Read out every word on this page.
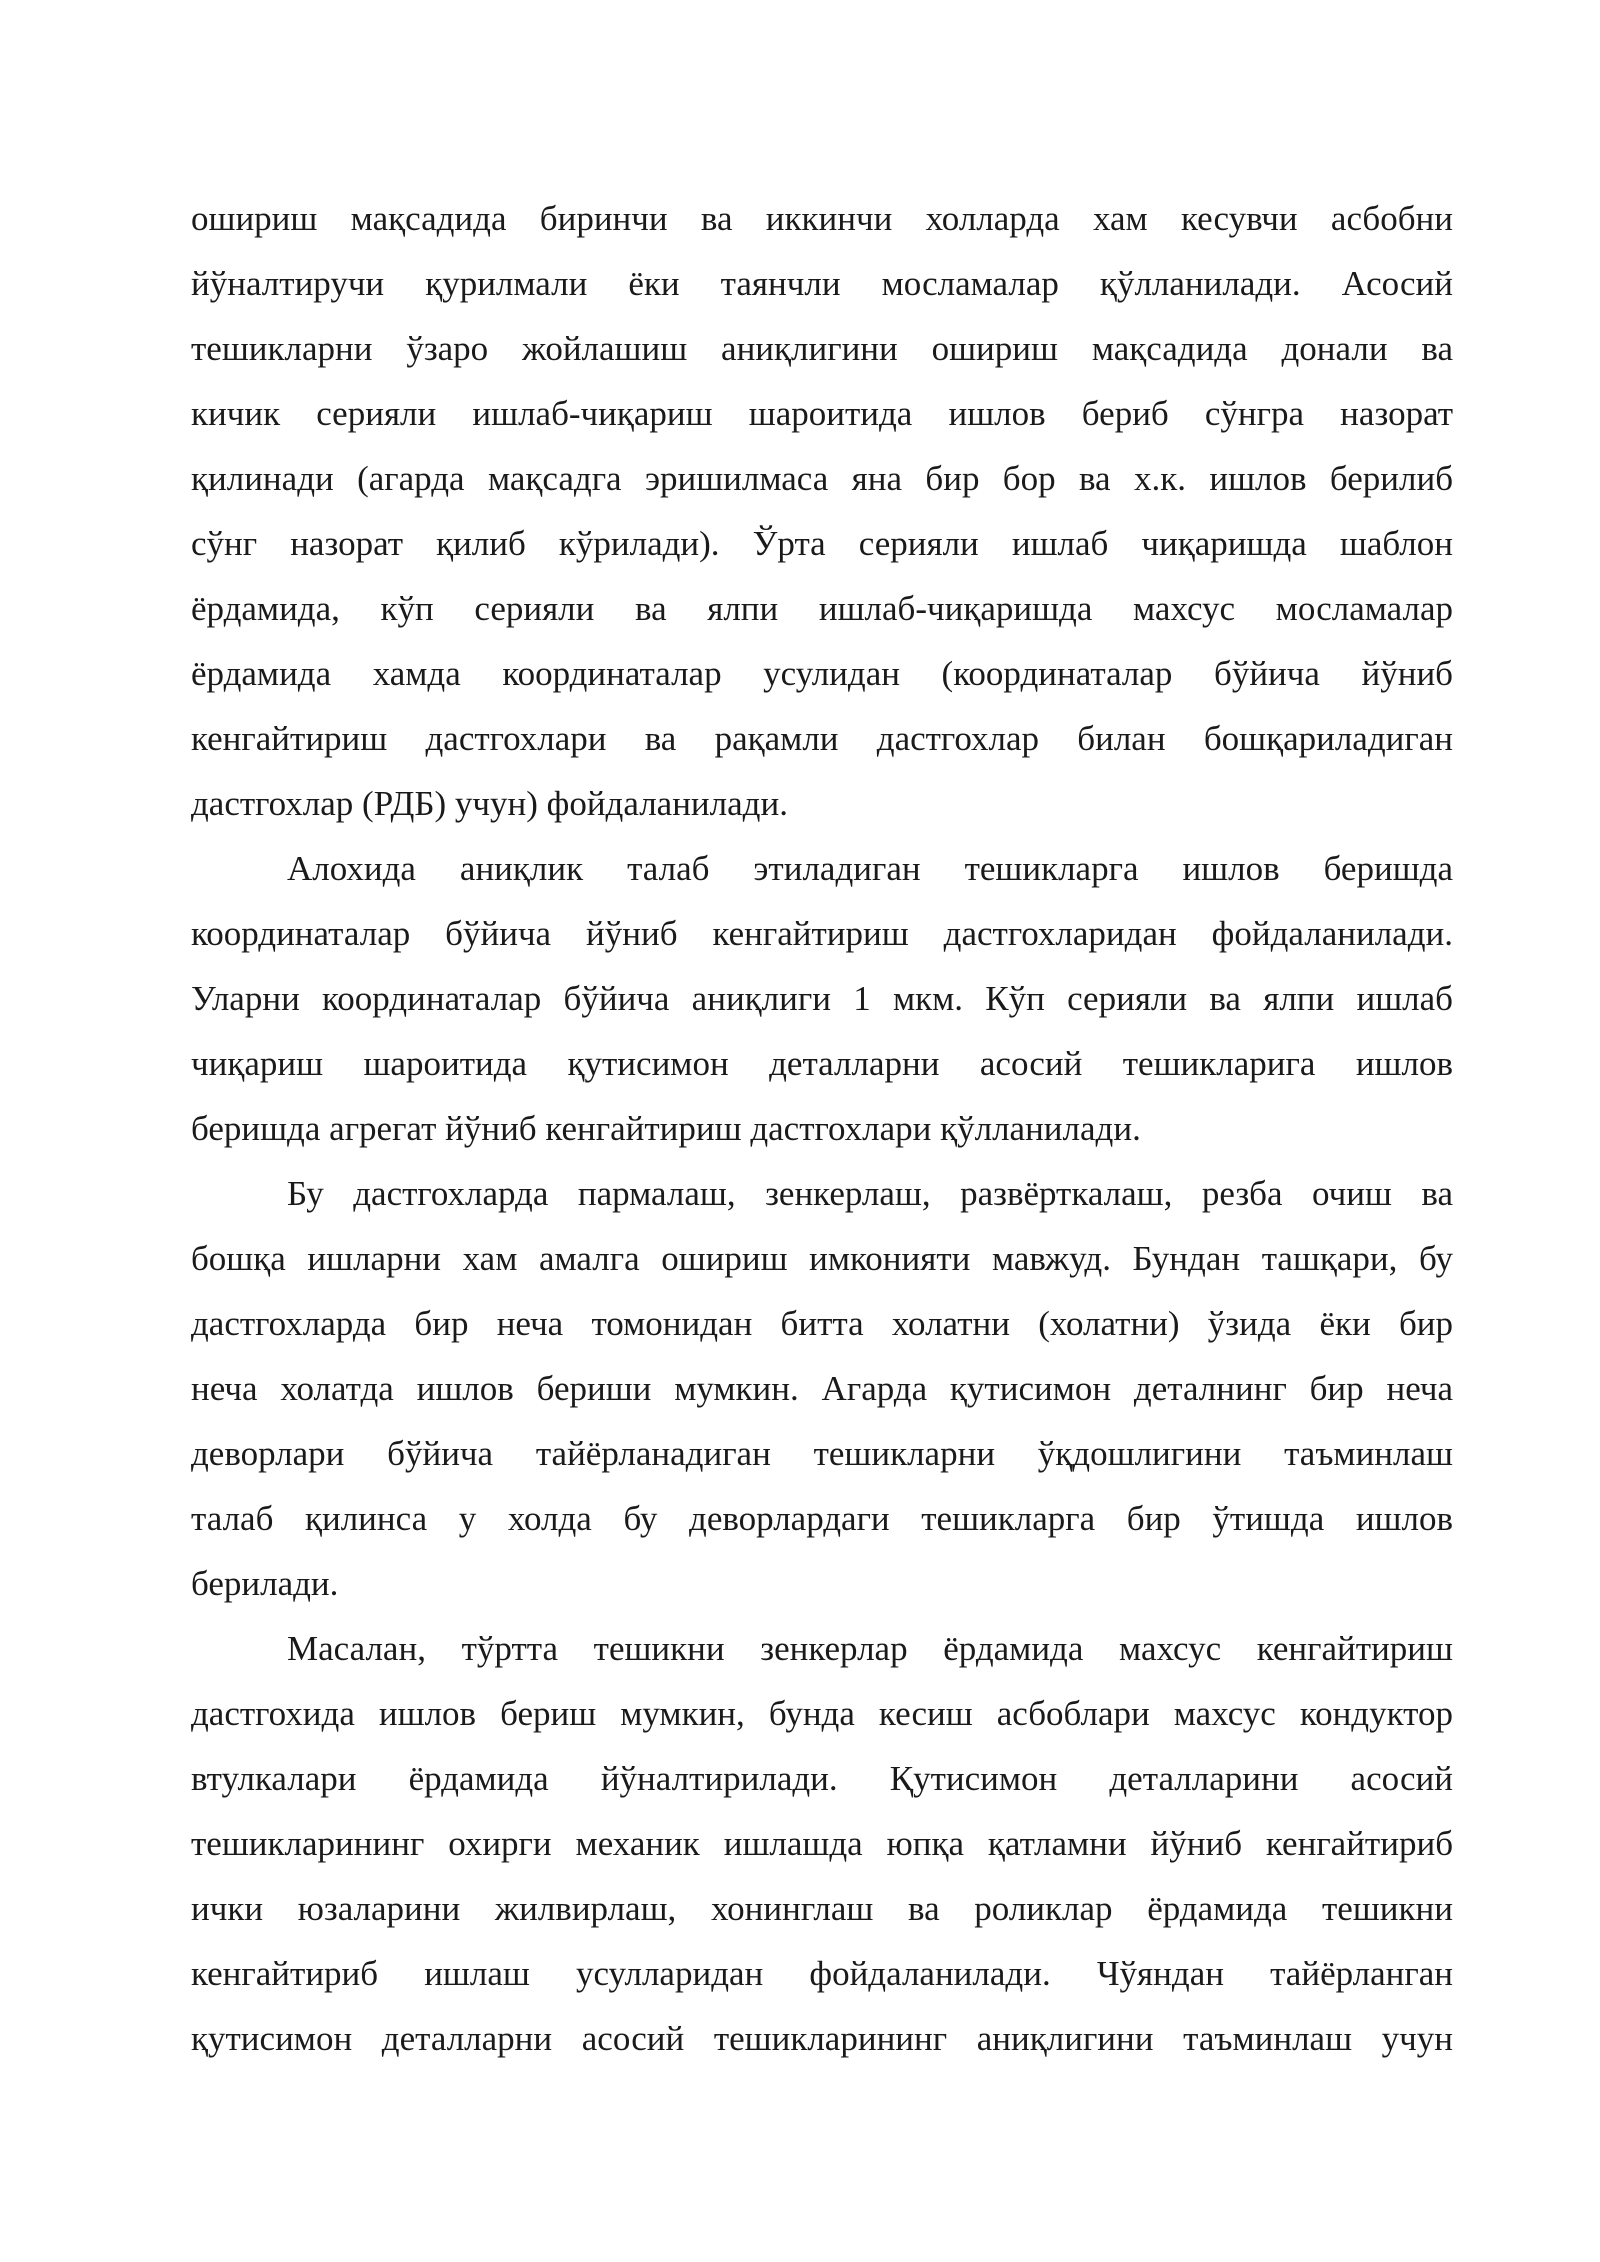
ошириш мақсадида биринчи ва иккинчи холларда хам кесувчи асбобни
йўналтиручи қурилмали ёки таянчли мосламалар қўлланилади. Асосий
тешикларни ўзаро жойлашиш аниқлигини ошириш мақсадида донали ва
кичик серияли ишлаб-чиқариш шароитида ишлов бериб сўнгра назорат
қилинади (агарда мақсадга эришилмаса яна бир бор ва х.к. ишлов берилиб
сўнг назорат қилиб кўрилади). Ўрта серияли ишлаб чиқаришда шаблон
ёрдамида, кўп серияли ва ялпи ишлаб-чиқаришда махсус мосламалар
ёрдамида хамда координаталар усулидан (координаталар бўйича йўниб
кенгайтириш дастгохлари ва рақамли дастгохлар билан бошқариладиган
дастгохлар (РДБ) учун) фойдаланилади.
Алохида аниқлик талаб этиладиган тешикларга ишлов беришда
координаталар бўйича йўниб кенгайтириш дастгохларидан фойдаланилади.
Уларни координаталар бўйича аниқлиги 1 мкм. Кўп серияли ва ялпи ишлаб
чиқариш шароитида қутисимон деталларни асосий тешикларига ишлов
беришда агрегат йўниб кенгайтириш дастгохлари қўлланилади.
Бу дастгохларда пармалаш, зенкерлаш, развёрткалаш, резба очиш ва
бошқа ишларни хам амалга ошириш имконияти мавжуд. Бундан ташқари, бу
дастгохларда бир неча томонидан битта холатни (холатни) ўзида ёки бир
неча холатда ишлов бериши мумкин. Агарда қутисимон деталнинг бир неча
деворлари бўйича тайёрланадиган тешикларни ўқдошлигини таъминлаш
талаб қилинса у холда бу деворлардаги тешикларга бир ўтишда ишлов
берилади.
Масалан, тўртта тешикни зенкерлар ёрдамида махсус кенгайтириш
дастгохида ишлов бериш мумкин, бунда кесиш асбоблари махсус кондуктор
втулкалари ёрдамида йўналтирилади. Қутисимон деталларини асосий
тешикларининг охирги механик ишлашда юпқа қатламни йўниб кенгайтириб
ички юзаларини жилвирлаш, хонинглаш ва роликлар ёрдамида тешикни
кенгайтириб ишлаш усулларидан фойдаланилади. Чўяндан тайёрланган
қутисимон деталларни асосий тешикларининг аниқлигини таъминлаш учун
